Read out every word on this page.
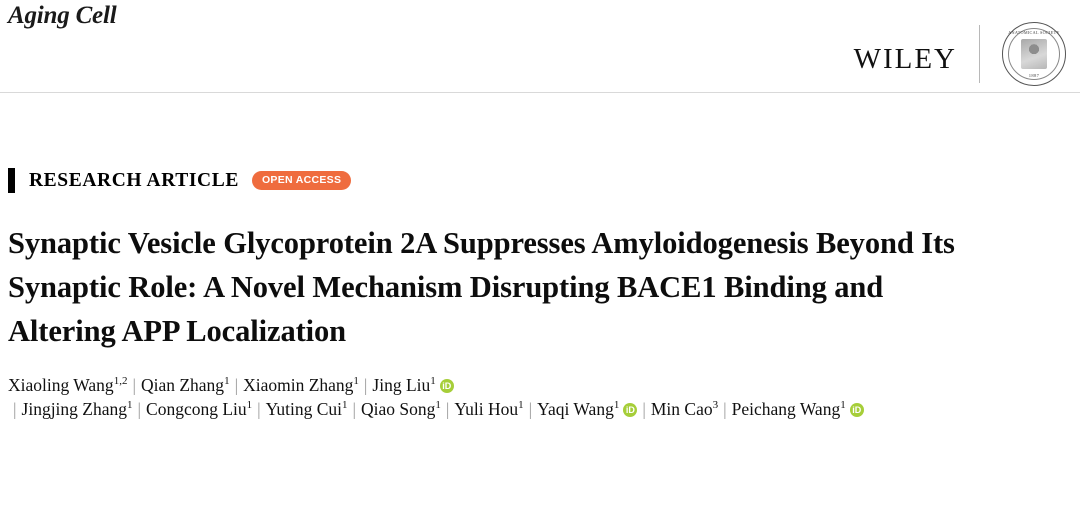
Aging Cell
wiley	ANATOMICAL SOCIETY
1887
RESEARCH ARTICLE	OPEN ACCESS
Synaptic Vesicle Glycoprotein 2A Suppresses Amyloidogenesis Beyond Its Synaptic Role: A Novel Mechanism Disrupting BACE1 Binding and Altering APP Localization
Xiaoling Wang$^{1,2}$ | Qian Zhang$^1$ | Xiaomin Zhang$^1$ | Jing Liu$^1$iD| Jingjing Zhang$^1$ | Congcong Liu$^1$ | Yuting Cui$^1$ | Qiao Song$^1$ | Yuli Hou$^1$ | Yaqi Wang$^1$ iD | Min Cao$^3$ | Peichang Wang$^1$iD
